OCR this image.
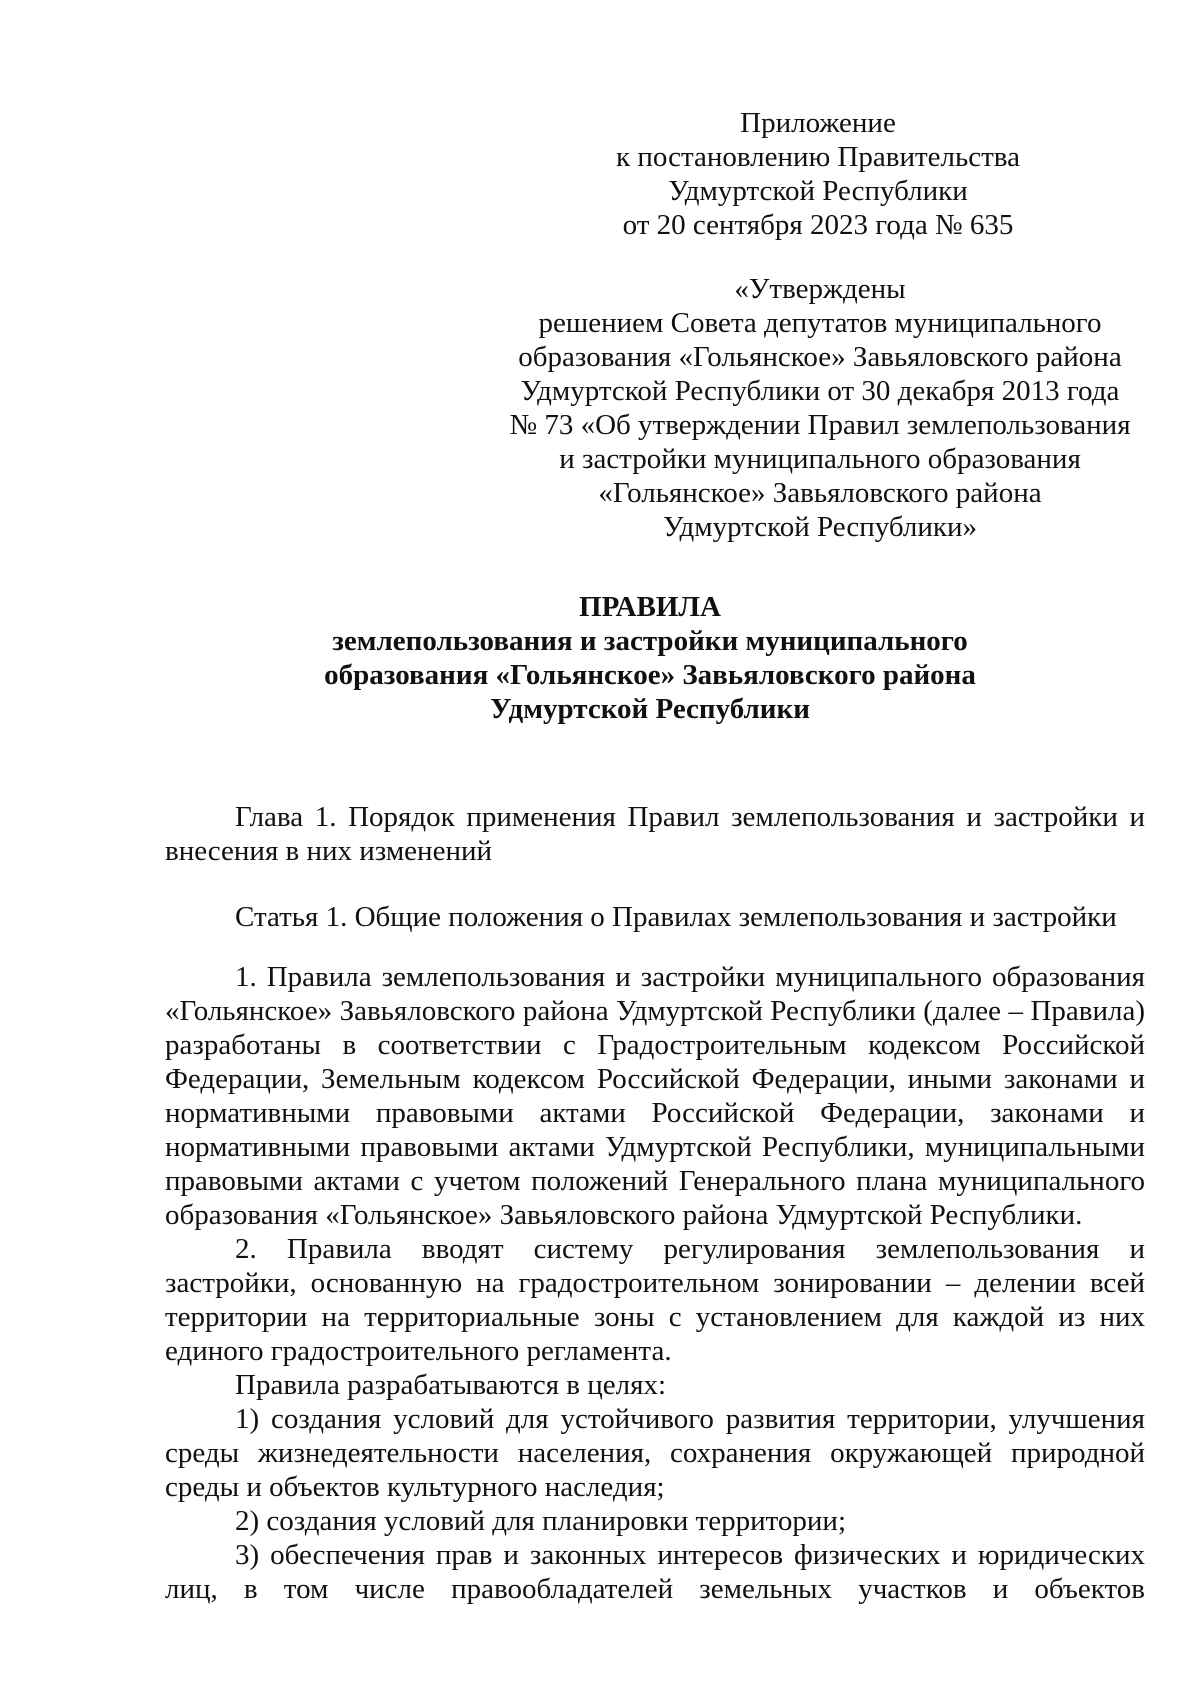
Приложение
к постановлению Правительства
Удмуртской Республики
от 20 сентября 2023 года № 635
«Утверждены
решением Совета депутатов муниципального
образования «Гольянское» Завьяловского района
Удмуртской Республики от 30 декабря 2013 года
№ 73 «Об утверждении Правил землепользования
и застройки муниципального образования
«Гольянское» Завьяловского района
Удмуртской Республики»
ПРАВИЛА
землепользования и застройки муниципального
образования «Гольянское» Завьяловского района
Удмуртской Республики
Глава 1. Порядок применения Правил землепользования и застройки и внесения в них изменений
Статья 1. Общие положения о Правилах землепользования и застройки

1. Правила землепользования и застройки муниципального образования «Гольянское» Завьяловского района Удмуртской Республики (далее – Правила) разработаны в соответствии с Градостроительным кодексом Российской Федерации, Земельным кодексом Российской Федерации, иными законами и нормативными правовыми актами Российской Федерации, законами и нормативными правовыми актами Удмуртской Республики, муниципальными правовыми актами с учетом положений Генерального плана муниципального образования «Гольянское» Завьяловского района Удмуртской Республики.

2. Правила вводят систему регулирования землепользования и застройки, основанную на градостроительном зонировании – делении всей территории на территориальные зоны с установлением для каждой из них единого градостроительного регламента.

Правила разрабатываются в целях:

1) создания условий для устойчивого развития территории, улучшения среды жизнедеятельности населения, сохранения окружающей природной среды и объектов культурного наследия;

2) создания условий для планировки территории;

3) обеспечения прав и законных интересов физических и юридических лиц, в том числе правообладателей земельных участков и объектов
